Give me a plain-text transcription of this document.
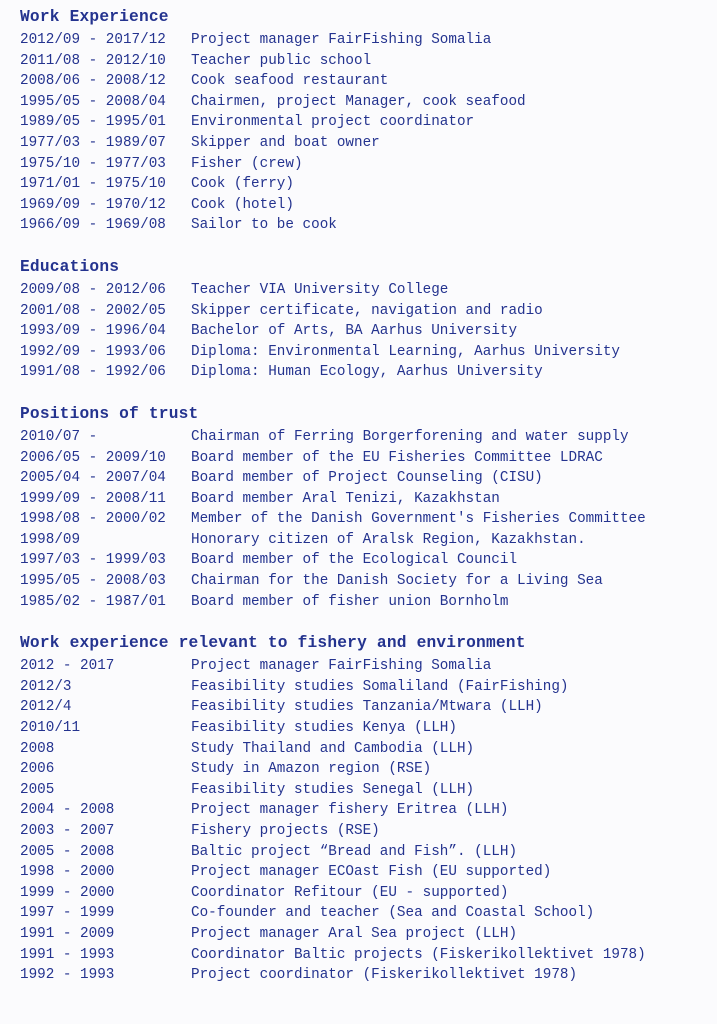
Work Experience
2012/09 - 2017/12	Project manager FairFishing Somalia
2011/08 - 2012/10	Teacher public school
2008/06 - 2008/12	Cook seafood restaurant
1995/05 - 2008/04	Chairmen, project Manager, cook seafood
1989/05 - 1995/01	Environmental project coordinator
1977/03 - 1989/07	Skipper and boat owner
1975/10 - 1977/03	Fisher (crew)
1971/01 - 1975/10	Cook (ferry)
1969/09 - 1970/12	Cook (hotel)
1966/09 - 1969/08	Sailor to be cook
Educations
2009/08 - 2012/06	Teacher VIA University College
2001/08 - 2002/05	Skipper certificate, navigation and radio
1993/09 - 1996/04	Bachelor of Arts, BA Aarhus University
1992/09 - 1993/06	Diploma: Environmental Learning, Aarhus University
1991/08 - 1992/06	Diploma: Human Ecology, Aarhus University
Positions of trust
2010/07 -	Chairman of Ferring Borgerforening and water supply
2006/05 - 2009/10	Board member of the EU Fisheries Committee LDRAC
2005/04 - 2007/04	Board member of Project Counseling (CISU)
1999/09 - 2008/11	Board member Aral Tenizi, Kazakhstan
1998/08 - 2000/02	Member of the Danish Government's Fisheries Committee
1998/09	Honorary citizen of Aralsk Region, Kazakhstan.
1997/03 - 1999/03	Board member of the Ecological Council
1995/05 - 2008/03	Chairman for the Danish Society for a Living Sea
1985/02 - 1987/01	Board member of fisher union Bornholm
Work experience relevant to fishery and environment
2012 - 2017	Project manager FairFishing Somalia
2012/3	Feasibility studies Somaliland (FairFishing)
2012/4	Feasibility studies Tanzania/Mtwara (LLH)
2010/11	Feasibility studies Kenya (LLH)
2008	Study Thailand and Cambodia (LLH)
2006	Study in Amazon region (RSE)
2005	Feasibility studies Senegal (LLH)
2004 - 2008	Project manager fishery Eritrea (LLH)
2003 - 2007	Fishery projects (RSE)
2005 - 2008	Baltic project “Bread and Fish”. (LLH)
1998 - 2000	Project manager ECOast Fish (EU supported)
1999 - 2000	Coordinator Refitour (EU - supported)
1997 - 1999	Co-founder and teacher (Sea and Coastal School)
1991 - 2009	Project manager Aral Sea project (LLH)
1991 - 1993	Coordinator Baltic projects (Fiskerikollektivet 1978)
1992 - 1993	Project coordinator (Fiskerikollektivet 1978)
